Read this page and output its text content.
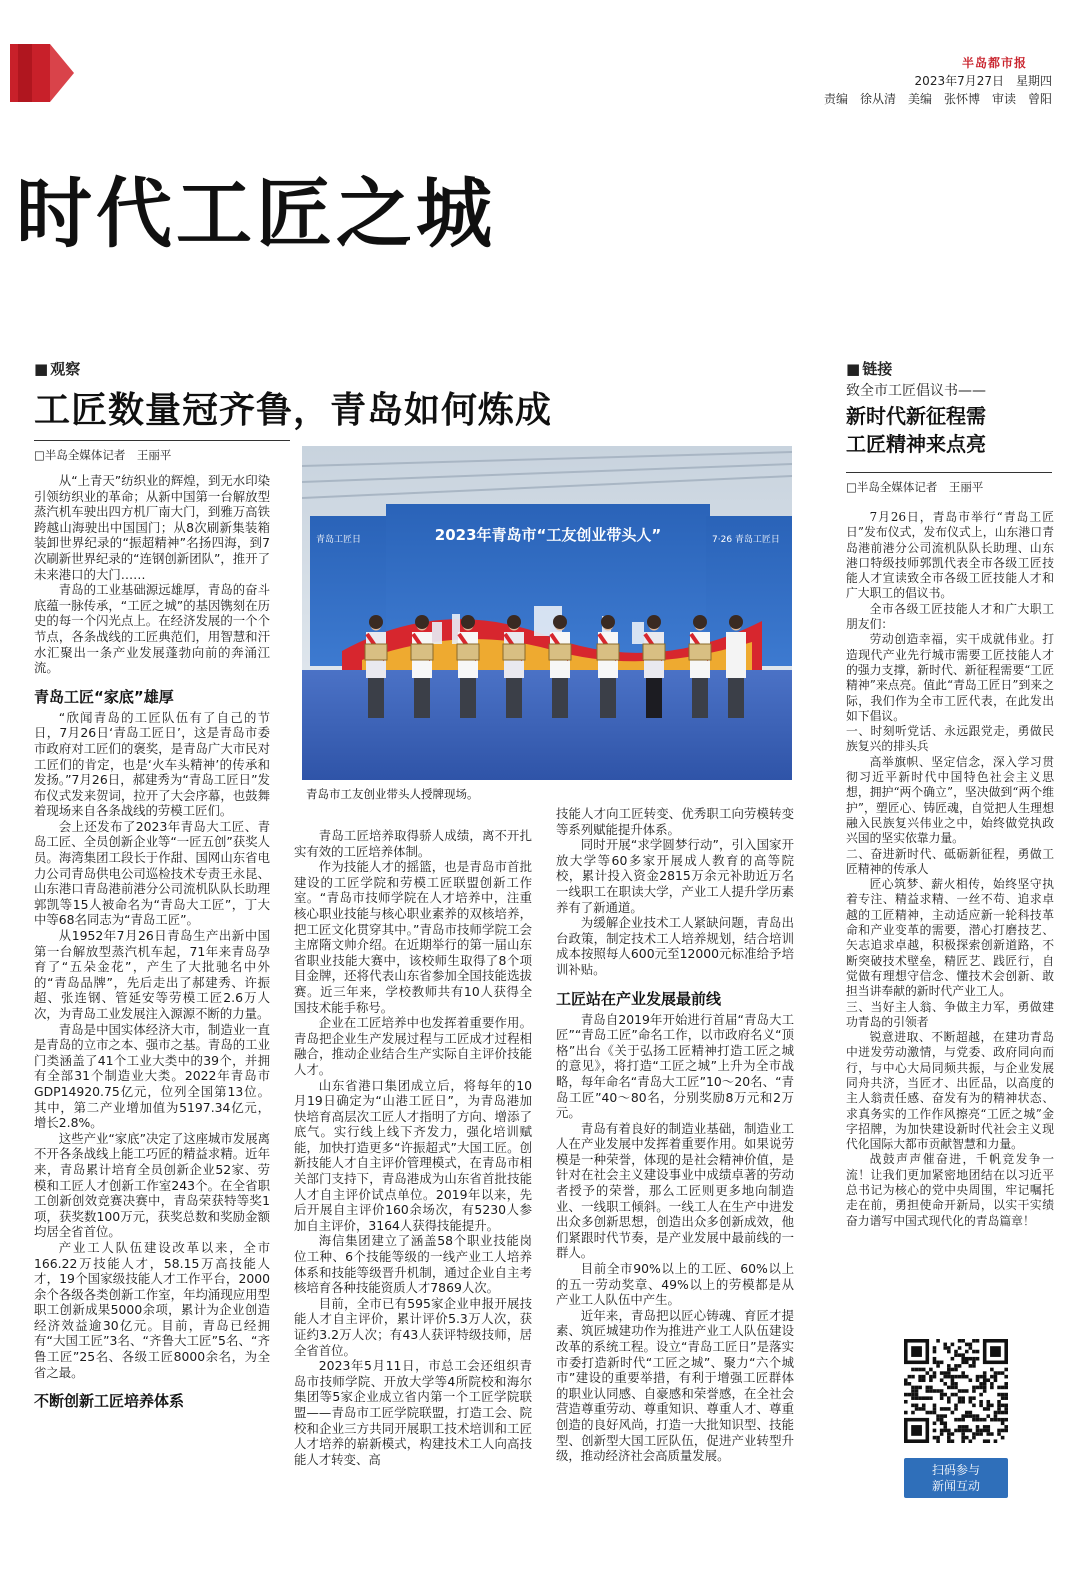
半岛都市报
2023年7月27日　星期四
责编　徐从清　美编　张怀博　审读　曾阳
时代工匠之城
■ 观察
工匠数量冠齐鲁，青岛如何炼成
□半岛全媒体记者　王丽平

从“上青天”纺织业的辉煌，到无水印染引领纺织业的革命；从新中国第一台解放型蒸汽机车驶出四方机厂南大门，到雅万高铁跨越山海驶出中国国门；从8次刷新集装箱装卸世界纪录的“振超精神”名扬四海，到7次刷新世界纪录的“连钢创新团队”，推开了未来港口的大门……

青岛的工业基础源远雄厚，青岛的奋斗底蕴一脉传承，“工匠之城”的基因镌刻在历史的每一个闪光点上。在经济发展的一个个节点，各条战线的工匠典范们，用智慧和汗水汇聚出一条产业发展蓬勃向前的奔涌江流。

青岛工匠“家底”雄厚

“欣闻青岛的工匠队伍有了自己的节日，7月26日‘青岛工匠日’，这是青岛市委市政府对工匠们的褒奖，是青岛广大市民对工匠们的肯定，也是‘火车头精神’的传承和发扬。”7月26日，郝建秀为“青岛工匠日”发布仪式发来贺词，拉开了大会序幕，也鼓舞着现场来自各条战线的劳模工匠们。

会上还发布了2023年青岛大工匠、青岛工匠、全员创新企业等“一匠五创”获奖人员。海湾集团工段长于作甜、国网山东省电力公司青岛供电公司巡检技术专责王永昆、山东港口青岛港前港分公司流机队队长助理郭凯等15人被命名为“青岛大工匠”，丁大中等68名同志为“青岛工匠”。

从1952年7月26日青岛生产出新中国第一台解放型蒸汽机车起，71年来青岛孕育了“五朵金花”，产生了大批驰名中外的“青岛品牌”，先后走出了郝建秀、许振超、张连钢、管延安等劳模工匠2.6万人次，为青岛工业发展注入源源不断的力量。

青岛是中国实体经济大市，制造业一直是青岛的立市之本、强市之基。青岛的工业门类涵盖了41个工业大类中的39个，并拥有全部31个制造业大类。2022年青岛市GDP14920.75亿元，位列全国第13位。其中，第二产业增加值为5197.34亿元，增长2.8%。

这些产业“家底”决定了这座城市发展离不开各条战线上能工巧匠的精益求精。近年来，青岛累计培育全员创新企业52家、劳模和工匠人才创新工作室243个。在全省职工创新创效竞赛决赛中，青岛荣获特等奖1项，获奖数100万元，获奖总数和奖励金额均居全省首位。

产业工人队伍建设改革以来，全市166.22万技能人才，58.15万高技能人才，19个国家级技能人才工作平台，2000余个各级各类创新工作室，年均涌现应用型职工创新成果5000余项，累计为企业创造经济效益逾30亿元。目前，青岛已经拥有“大国工匠”3名、“齐鲁大工匠”5名、“齐鲁工匠”25名、各级工匠8000余名，为全省之最。

不断创新工匠培养体系

青岛工匠培养取得骄人成绩，离不开扎实有效的工匠培养体制。

作为技能人才的摇篮，也是青岛市首批建设的工匠学院和劳模工匠联盟创新工作室。“青岛市技师学院在人才培养中，注重核心职业技能与核心职业素养的双核培养，把工匠文化贯穿其中。”青岛市技师学院工会主席隋文帅介绍。在近期举行的第一届山东省职业技能大赛中，该校师生取得了8个项目金牌，还将代表山东省参加全国技能选拔赛。近三年来，学校教师共有10人获得全国技术能手称号。

企业在工匠培养中也发挥着重要作用。青岛把企业生产发展过程与工匠成才过程相融合，推动企业结合生产实际自主评价技能人才。

山东省港口集团成立后，将每年的10月19日确定为“山港工匠日”，为青岛港加快培育高层次工匠人才指明了方向、增添了底气。实行线上线下齐发力，强化培训赋能，加快打造更多“许振超式”大国工匠。创新技能人才自主评价管理模式，在青岛市相关部门支持下，青岛港成为山东省首批技能人才自主评价试点单位。2019年以来，先后开展自主评价160余场次，有5230人参加自主评价，3164人获得技能提升。

海信集团建立了涵盖58个职业技能岗位工种、6个技能等级的一线产业工人培养体系和技能等级晋升机制，通过企业自主考核培育各种技能资质人才7869人次。

目前，全市已有595家企业申报开展技能人才自主评价，累计评价5.3万人次，获证约3.2万人次；有43人获评特级技师，居全省首位。

2023年5月11日，市总工会还组织青岛市技师学院、开放大学等4所院校和海尔集团等5家企业成立省内第一个工匠学院联盟——青岛市工匠学院联盟，打造工会、院校和企业三方共同开展职工技术培训和工匠人才培养的崭新模式，构建技术工人向高技能人才转变、高

技能人才向工匠转变、优秀职工向劳模转变等系列赋能提升体系。

同时开展“求学圆梦行动”，引入国家开放大学等60多家开展成人教育的高等院校，累计投入资金2815万余元补助近万名一线职工在职读大学，产业工人提升学历素养有了新通道。

为缓解企业技术工人紧缺问题，青岛出台政策，制定技术工人培养规划，结合培训成本按照每人600元至12000元标准给予培训补贴。

工匠站在产业发展最前线

青岛自2019年开始进行首届“青岛大工匠”“青岛工匠”命名工作，以市政府名义“顶格”出台《关于弘扬工匠精神打造工匠之城的意见》，将打造“工匠之城”上升为全市战略，每年命名“青岛大工匠”10～20名、“青岛工匠”40～80名，分别奖励8万元和2万元。

青岛有着良好的制造业基础，制造业工人在产业发展中发挥着重要作用。如果说劳模是一种荣誉，体现的是社会精神价值，是针对在社会主义建设事业中成绩卓著的劳动者授予的荣誉，那么工匠则更多地向制造业、一线职工倾斜。一线工人在生产中进发出众多创新思想，创造出众多创新成效，他们紧跟时代节奏，是产业发展中最前线的一群人。

目前全市90%以上的工匠、60%以上的五一劳动奖章、49%以上的劳模都是从产业工人队伍中产生。

近年来，青岛把以匠心铸魂、育匠才提素、筑匠城建功作为推进产业工人队伍建设改革的系统工程。设立“青岛工匠日”是落实市委打造新时代“工匠之城”、聚力“六个城市”建设的重要举措，有利于增强工匠群体的职业认同感、自豪感和荣誉感，在全社会营造尊重劳动、尊重知识、尊重人才、尊重创造的良好风尚，打造一大批知识型、技能型、创新型大国工匠队伍，促进产业转型升级，推动经济社会高质量发展。

青岛工匠日	2023年青岛市“工友创业带头人”	7·26 青岛工匠日
青岛市工友创业带头人授牌现场。
■ 链接
致全市工匠倡议书——
新时代新征程需
工匠精神来点亮
□半岛全媒体记者　王丽平

7月26日，青岛市举行“青岛工匠日”发布仪式，发布仪式上，山东港口青岛港前港分公司流机队队长助理、山东港口特级技师郭凯代表全市各级工匠技能人才宣读致全市各级工匠技能人才和广大职工的倡议书。

全市各级工匠技能人才和广大职工朋友们：

劳动创造幸福，实干成就伟业。打造现代产业先行城市需要工匠技能人才的强力支撑，新时代、新征程需要“工匠精神”来点亮。值此“青岛工匠日”到来之际，我们作为全市工匠代表，在此发出如下倡议。

一、时刻听党话、永远跟党走，勇做民族复兴的排头兵

高举旗帜、坚定信念，深入学习贯彻习近平新时代中国特色社会主义思想，拥护“两个确立”，坚决做到“两个维护”，塑匠心、铸匠魂，自觉把人生理想融入民族复兴伟业之中，始终做党执政兴国的坚实依靠力量。

二、奋进新时代、砥砺新征程，勇做工匠精神的传承人

匠心筑梦、薪火相传，始终坚守执着专注、精益求精、一丝不苟、追求卓越的工匠精神，主动适应新一轮科技革命和产业变革的需要，潜心打磨技艺、矢志追求卓越，积极探索创新道路，不断突破技术壁垒，精匠艺、践匠行，自觉做有理想守信念、懂技术会创新、敢担当讲奉献的新时代产业工人。

三、当好主人翁、争做主力军，勇做建功青岛的引领者

锐意进取、不断超越，在建功青岛中迸发劳动激情，与党委、政府同向而行，与中心大局同频共振，与企业发展同舟共济，当匠才、出匠品，以高度的主人翁责任感、奋发有为的精神状态、求真务实的工作作风擦亮“工匠之城”金字招牌，为加快建设新时代社会主义现代化国际大都市贡献智慧和力量。

战鼓声声催奋进，千帆竞发争一流！让我们更加紧密地团结在以习近平总书记为核心的党中央周围，牢记嘱托走在前，勇担使命开新局，以实干实绩奋力谱写中国式现代化的青岛篇章！

扫码参与
新闻互动
